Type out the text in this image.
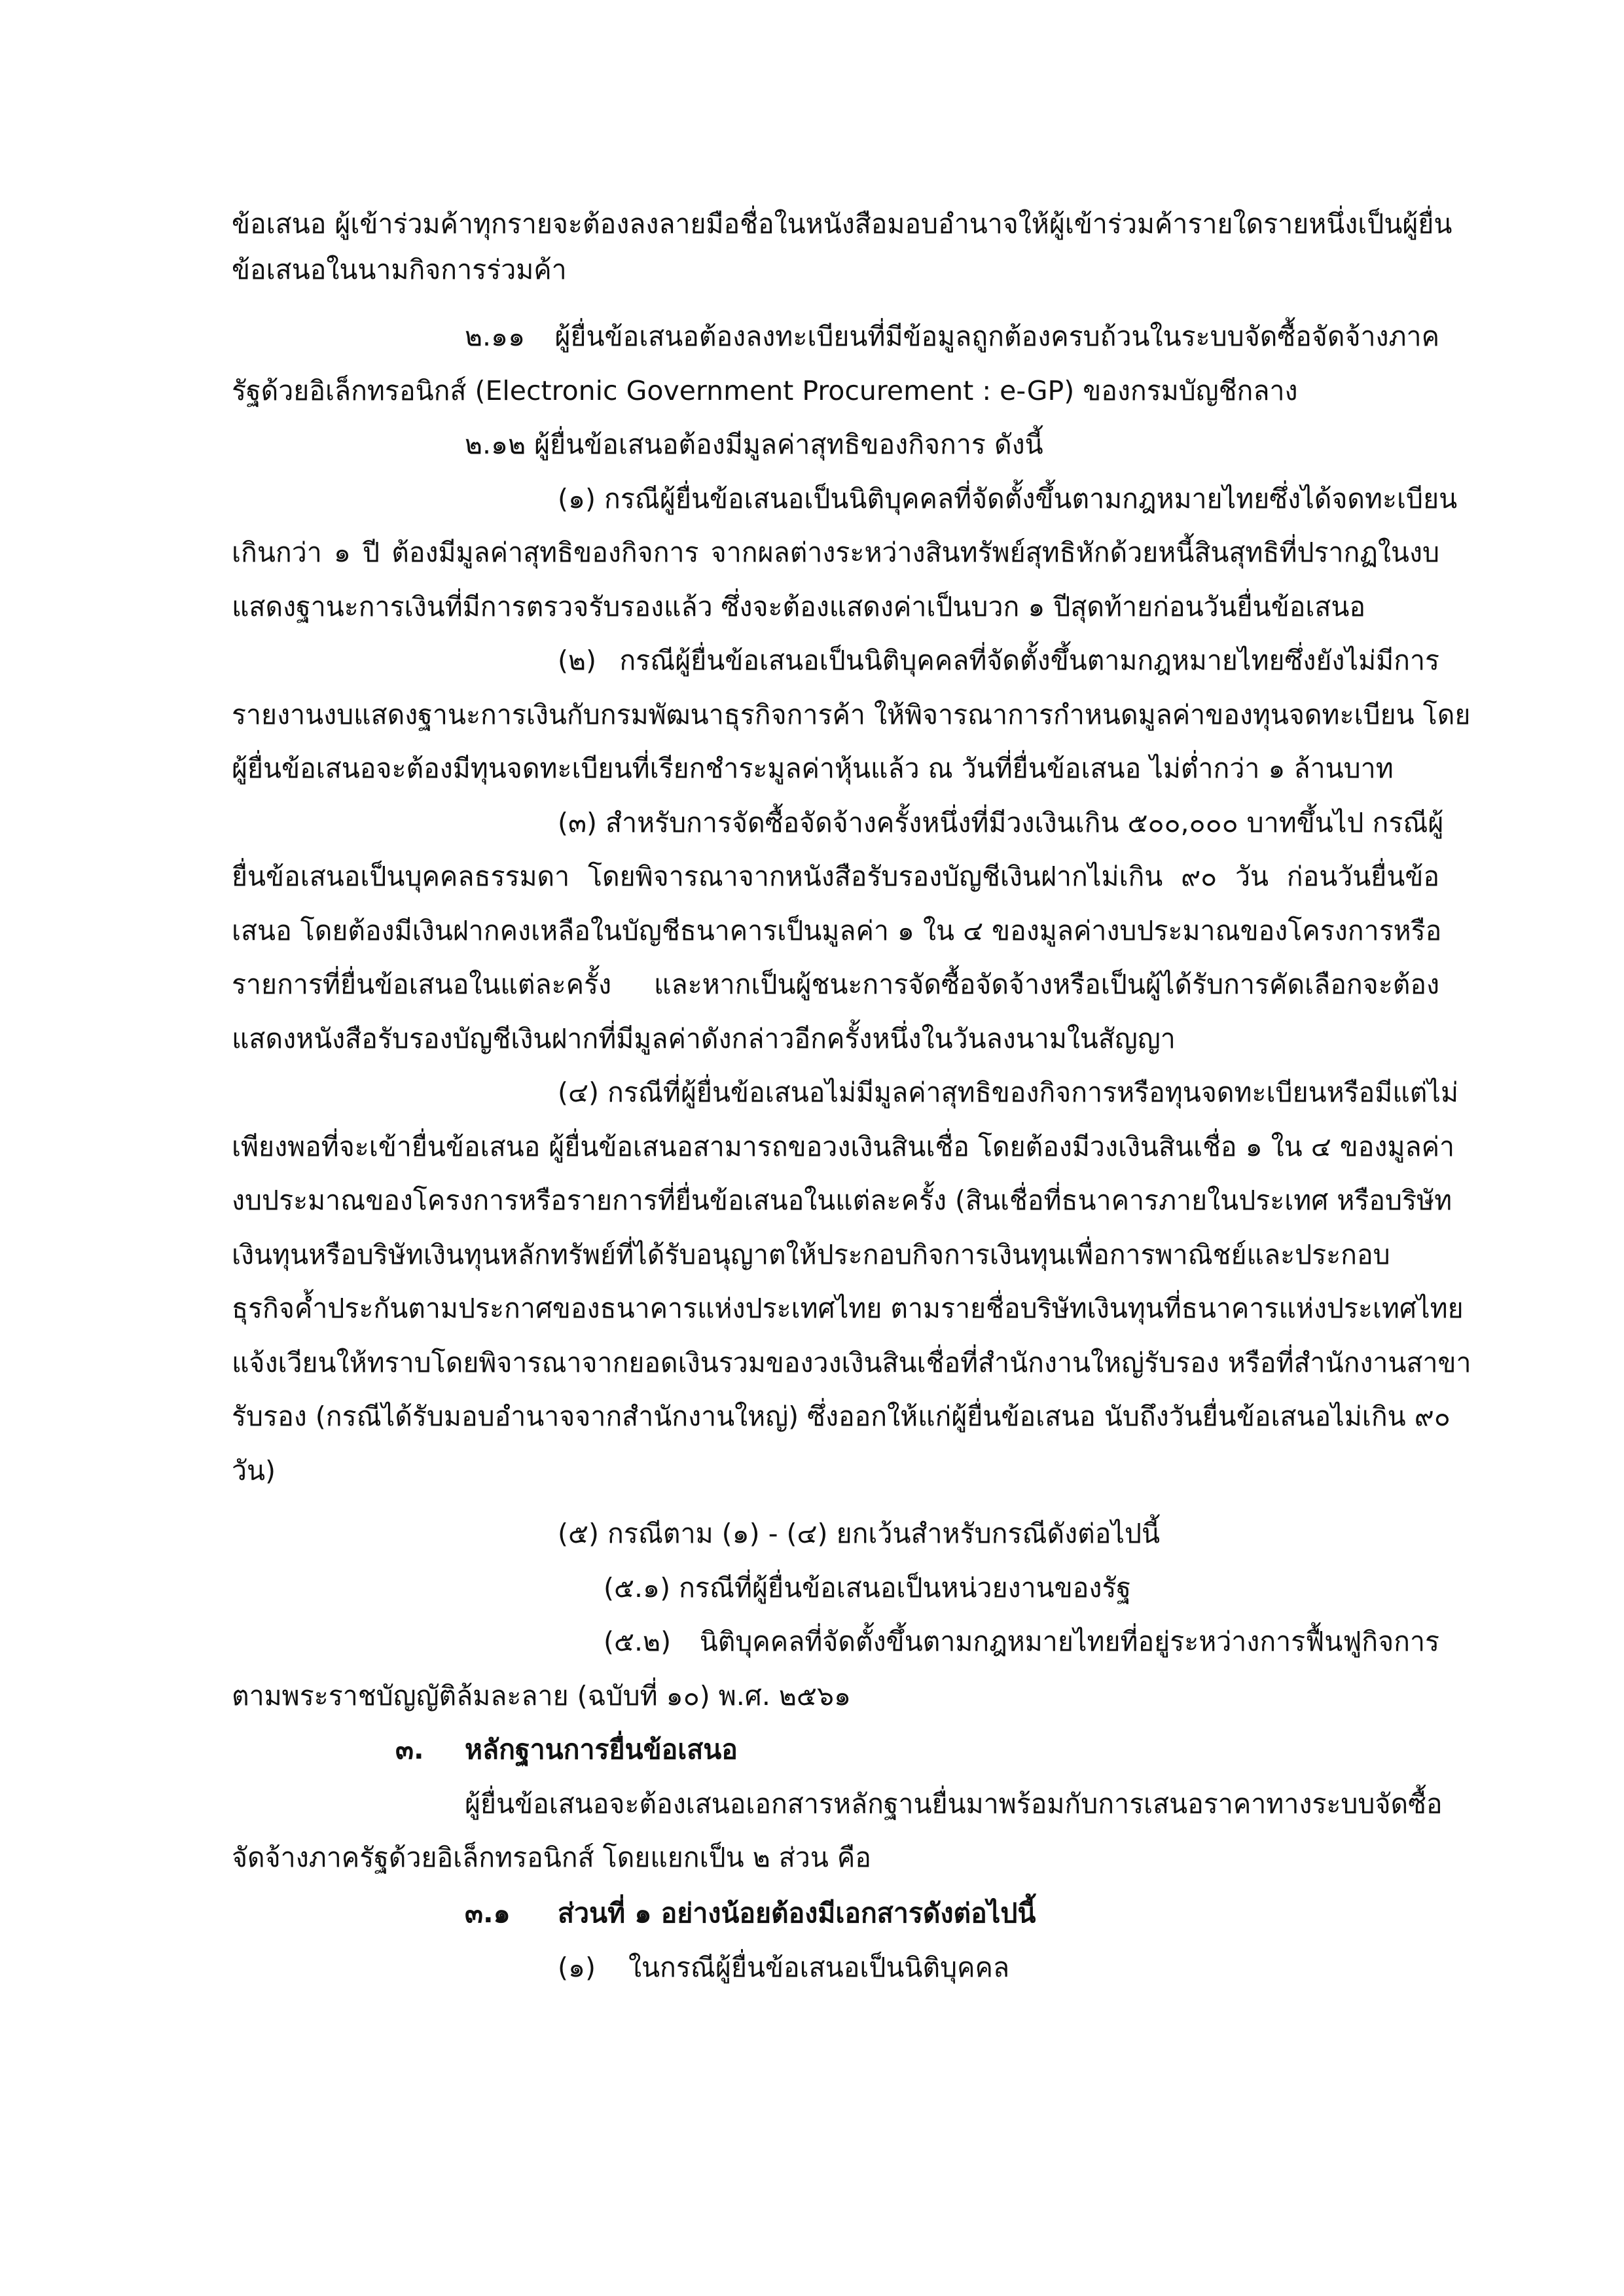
ข้อเสนอ ผู้เข้าร่วมค้าทุกรายจะต้องลงลายมือชื่อในหนังสือมอบอำนาจให้ผู้เข้าร่วมค้ารายใดรายหนึ่งเป็นผู้ยื่น
ข้อเสนอในนามกิจการร่วมค้า
๒.๑๑ ผู้ยื่นข้อเสนอต้องลงทะเบียนที่มีข้อมูลถูกต้องครบถ้วนในระบบจัดซื้อจัดจ้างภาค
รัฐด้วยอิเล็กทรอนิกส์ (Electronic Government Procurement : e-GP) ของกรมบัญชีกลาง
๒.๑๒ ผู้ยื่นข้อเสนอต้องมีมูลค่าสุทธิของกิจการ ดังนี้
(๑) กรณีผู้ยื่นข้อเสนอเป็นนิติบุคคลที่จัดตั้งขึ้นตามกฎหมายไทยซึ่งได้จดทะเบียน
เกินกว่า ๑ ปี ต้องมีมูลค่าสุทธิของกิจการ จากผลต่างระหว่างสินทรัพย์สุทธิหักด้วยหนี้สินสุทธิที่ปรากฏในงบ
แสดงฐานะการเงินที่มีการตรวจรับรองแล้ว ซึ่งจะต้องแสดงค่าเป็นบวก ๑ ปีสุดท้ายก่อนวันยื่นข้อเสนอ
(๒) กรณีผู้ยื่นข้อเสนอเป็นนิติบุคคลที่จัดตั้งขึ้นตามกฎหมายไทยซึ่งยังไม่มีการ
รายงานงบแสดงฐานะการเงินกับกรมพัฒนาธุรกิจการค้า ให้พิจารณาการกำหนดมูลค่าของทุนจดทะเบียน โดย
ผู้ยื่นข้อเสนอจะต้องมีทุนจดทะเบียนที่เรียกชำระมูลค่าหุ้นแล้ว ณ วันที่ยื่นข้อเสนอ ไม่ต่ำกว่า ๑ ล้านบาท
(๓) สำหรับการจัดซื้อจัดจ้างครั้งหนึ่งที่มีวงเงินเกิน ๕๐๐,๐๐๐ บาทขึ้นไป กรณีผู้
ยื่นข้อเสนอเป็นบุคคลธรรมดา โดยพิจารณาจากหนังสือรับรองบัญชีเงินฝากไม่เกิน ๙๐ วัน ก่อนวันยื่นข้อ
เสนอ โดยต้องมีเงินฝากคงเหลือในบัญชีธนาคารเป็นมูลค่า ๑ ใน ๔ ของมูลค่างบประมาณของโครงการหรือ
รายการที่ยื่นข้อเสนอในแต่ละครั้ง และหากเป็นผู้ชนะการจัดซื้อจัดจ้างหรือเป็นผู้ได้รับการคัดเลือกจะต้อง
แสดงหนังสือรับรองบัญชีเงินฝากที่มีมูลค่าดังกล่าวอีกครั้งหนึ่งในวันลงนามในสัญญา
(๔) กรณีที่ผู้ยื่นข้อเสนอไม่มีมูลค่าสุทธิของกิจการหรือทุนจดทะเบียนหรือมีแต่ไม่
เพียงพอที่จะเข้ายื่นข้อเสนอ ผู้ยื่นข้อเสนอสามารถขอวงเงินสินเชื่อ โดยต้องมีวงเงินสินเชื่อ ๑ ใน ๔ ของมูลค่า
งบประมาณของโครงการหรือรายการที่ยื่นข้อเสนอในแต่ละครั้ง (สินเชื่อที่ธนาคารภายในประเทศ หรือบริษัท
เงินทุนหรือบริษัทเงินทุนหลักทรัพย์ที่ได้รับอนุญาตให้ประกอบกิจการเงินทุนเพื่อการพาณิชย์และประกอบ
ธุรกิจค้ำประกันตามประกาศของธนาคารแห่งประเทศไทย ตามรายชื่อบริษัทเงินทุนที่ธนาคารแห่งประเทศไทย
แจ้งเวียนให้ทราบโดยพิจารณาจากยอดเงินรวมของวงเงินสินเชื่อที่สำนักงานใหญ่รับรอง หรือที่สำนักงานสาขา
รับรอง (กรณีได้รับมอบอำนาจจากสำนักงานใหญ่) ซึ่งออกให้แก่ผู้ยื่นข้อเสนอ นับถึงวันยื่นข้อเสนอไม่เกิน ๙๐
วัน)
(๕) กรณีตาม (๑) - (๔) ยกเว้นสำหรับกรณีดังต่อไปนี้
(๕.๑) กรณีที่ผู้ยื่นข้อเสนอเป็นหน่วยงานของรัฐ
(๕.๒) นิติบุคคลที่จัดตั้งขึ้นตามกฎหมายไทยที่อยู่ระหว่างการฟื้นฟูกิจการ
ตามพระราชบัญญัติล้มละลาย (ฉบับที่ ๑๐) พ.ศ. ๒๕๖๑
๓. หลักฐานการยื่นข้อเสนอ
ผู้ยื่นข้อเสนอจะต้องเสนอเอกสารหลักฐานยื่นมาพร้อมกับการเสนอราคาทางระบบจัดซื้อ
จัดจ้างภาครัฐด้วยอิเล็กทรอนิกส์ โดยแยกเป็น ๒ ส่วน คือ
๓.๑ ส่วนที่ ๑ อย่างน้อยต้องมีเอกสารดังต่อไปนี้
(๑) ในกรณีผู้ยื่นข้อเสนอเป็นนิติบุคคล
